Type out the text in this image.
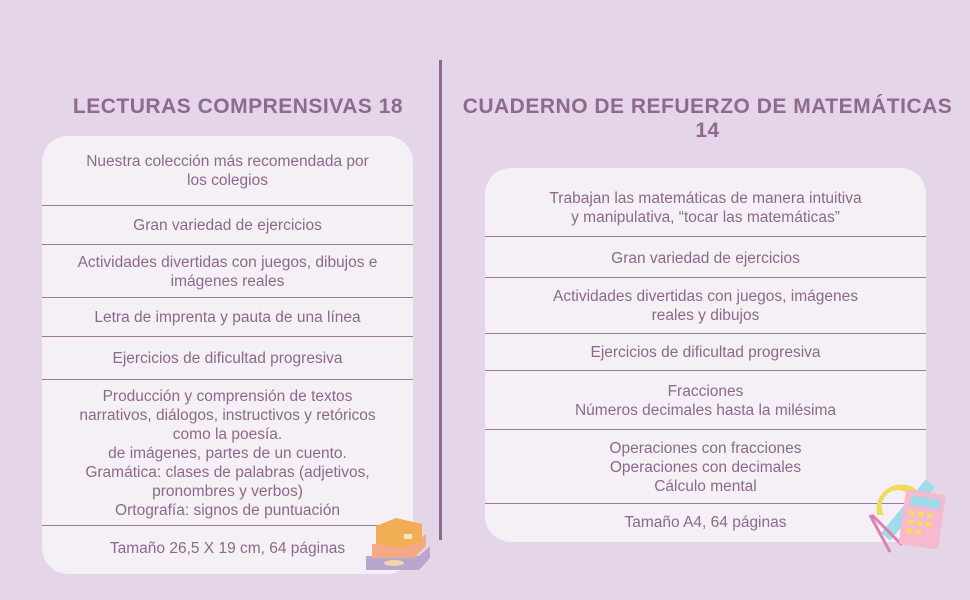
LECTURAS COMPRENSIVAS 18	CUADERNO DE REFUERZO DE MATEMÁTICAS 14
Nuestra colección más recomendada por
los colegios
Gran variedad de ejercicios
Actividades divertidas con juegos, dibujos e
imágenes reales
Letra de imprenta y pauta de una línea
Ejercicios de dificultad progresiva
Producción y comprensión de textos
narrativos, diálogos, instructivos y retóricos
como la poesía.
de imágenes, partes de un cuento.
Gramática: clases de palabras (adjetivos,
pronombres y verbos)
Ortografía: signos de puntuación
Tamaño 26,5 X 19 cm, 64 páginas
Trabajan las matemáticas de manera intuitiva
y manipulativa, “tocar las matemáticas”
Gran variedad de ejercicios
Actividades divertidas con juegos, imágenes
reales y dibujos
Ejercicios de dificultad progresiva
Fracciones
Números decimales hasta la milésima
Operaciones con fracciones
Operaciones con decimales
Cálculo mental
Tamaño A4, 64 páginas
